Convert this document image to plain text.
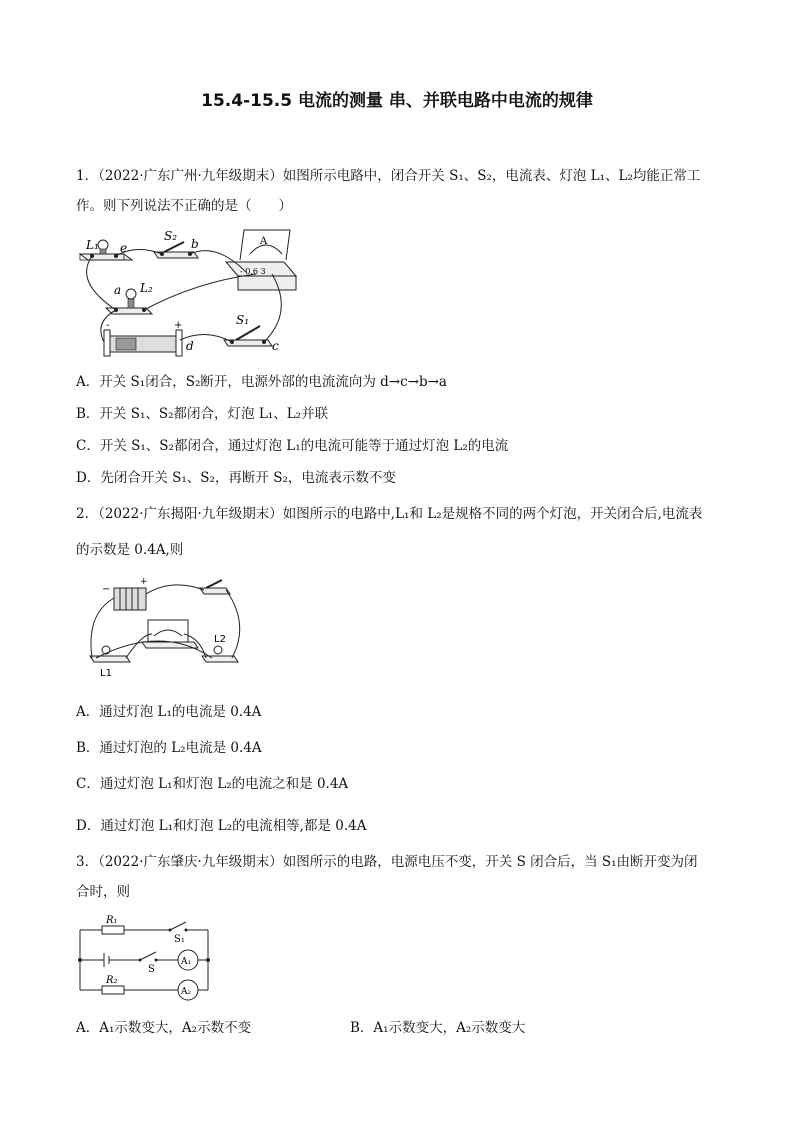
15.4-15.5 电流的测量 串、并联电路中电流的规律
1．（2022·广东广州·九年级期末）如图所示电路中，闭合开关 S₁、S₂，电流表、灯泡 L₁、L₂均能正常工
作。则下列说法不正确的是（　　）
L₁ e
S₂
b	A
- 0.6 3
a L₂
-	+
d
S₁
c
A．开关 S₁闭合，S₂断开，电源外部的电流流向为 d→c→b→a
B．开关 S₁、S₂都闭合，灯泡 L₁、L₂并联
C．开关 S₁、S₂都闭合，通过灯泡 L₁的电流可能等于通过灯泡 L₂的电流
D．先闭合开关 S₁、S₂，再断开 S₂，电流表示数不变
2．（2022·广东揭阳·九年级期末）如图所示的电路中,L₁和 L₂是规格不同的两个灯泡，开关闭合后,电流表
的示数是 0.4A,则
−
+
L1
L2
A．通过灯泡 L₁的电流是 0.4A
B．通过灯泡的 L₂电流是 0.4A
C．通过灯泡 L₁和灯泡 L₂的电流之和是 0.4A
D．通过灯泡 L₁和灯泡 L₂的电流相等,都是 0.4A
3．（2022·广东肇庆·九年级期末）如图所示的电路，电源电压不变，开关 S 闭合后，当 S₁由断开变为闭
合时，则
R₁
S₁
S
A₁
R₂
A₂
A．A₁示数变大，A₂示数不变	B．A₁示数变大，A₂示数变大
